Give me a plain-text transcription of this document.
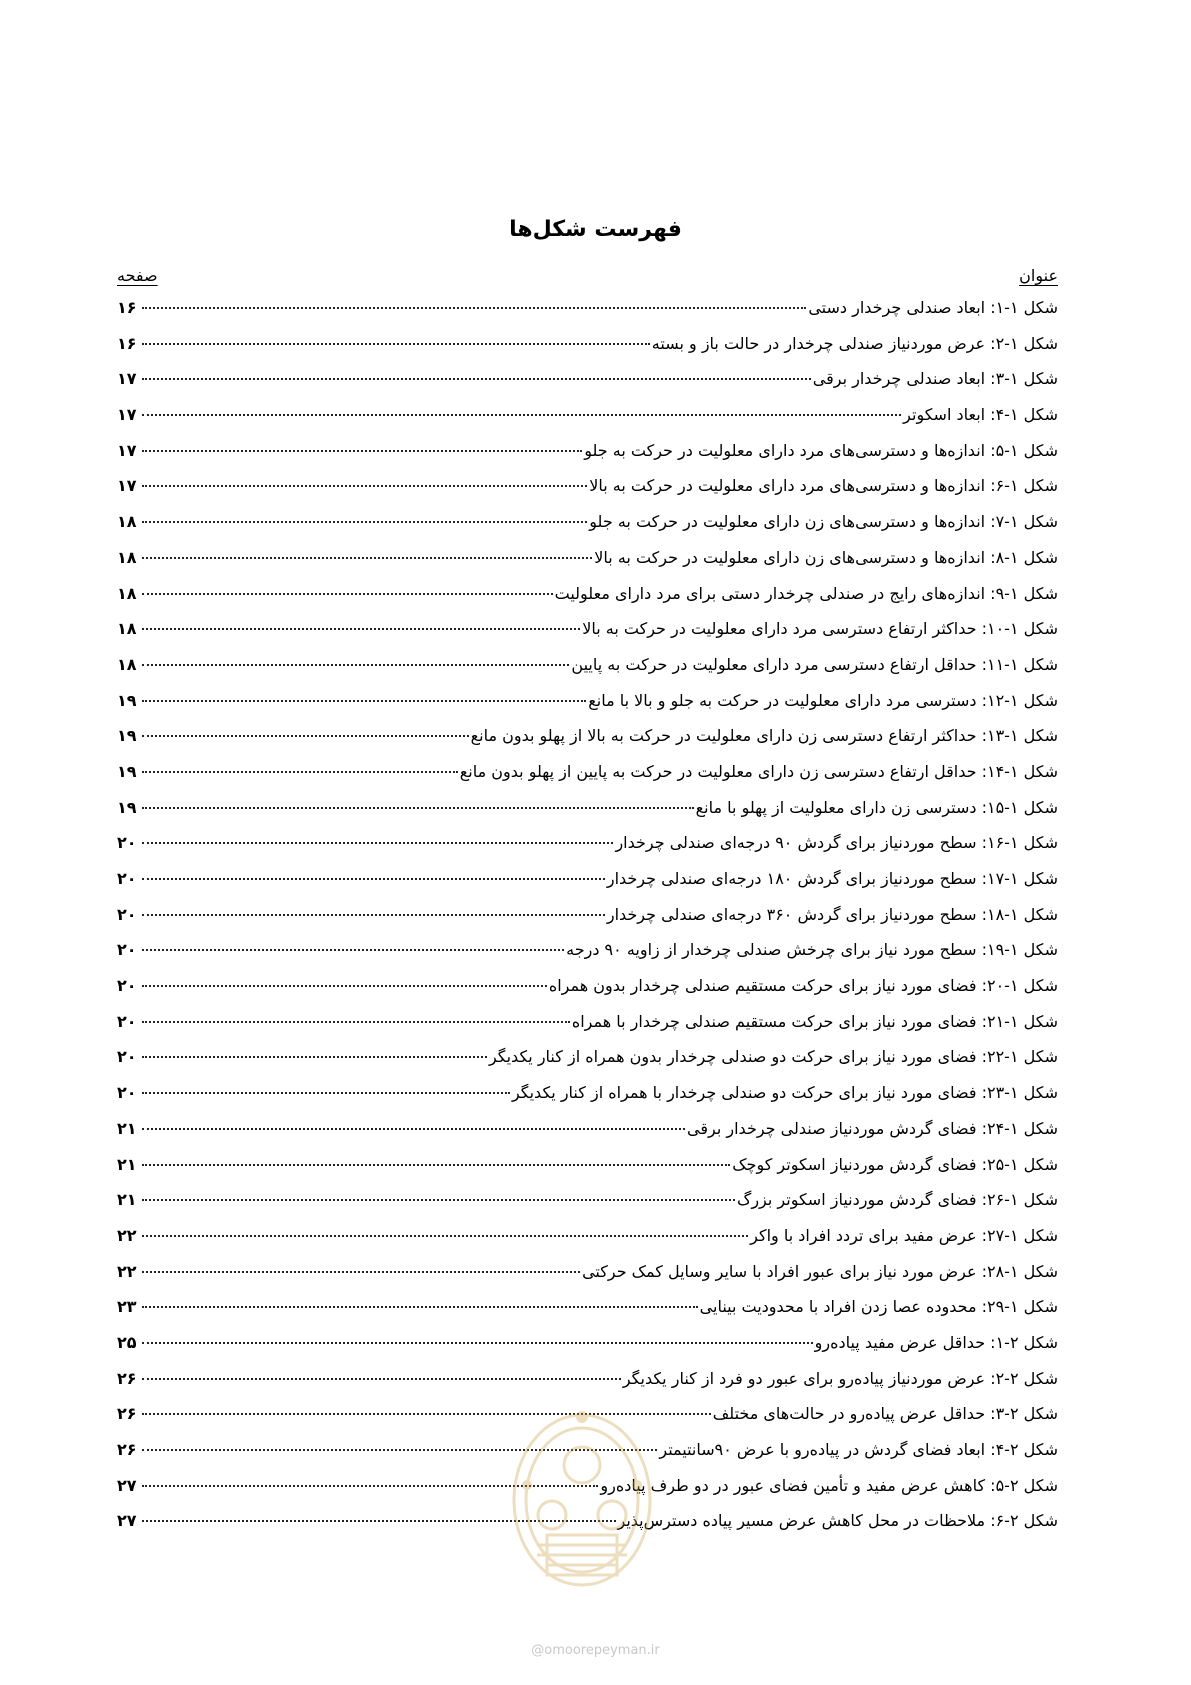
فهرست شکل‌ها
عنوان
صفحه
شکل ۱-۱: ابعاد صندلی چرخدار دستی
۱۶
شکل ۱-۲: عرض موردنیاز صندلی چرخدار در حالت باز و بسته
۱۶
شکل ۱-۳: ابعاد صندلی چرخدار برقی
۱۷
شکل ۱-۴: ابعاد اسکوتر
۱۷
شکل ۱-۵: اندازه‌ها و دسترسی‌های مرد دارای معلولیت در حرکت به جلو
۱۷
شکل ۱-۶: اندازه‌ها و دسترسی‌های مرد دارای معلولیت در حرکت به بالا
۱۷
شکل ۱-۷: اندازه‌ها و دسترسی‌های زن دارای معلولیت در حرکت به جلو
۱۸
شکل ۱-۸: اندازه‌ها و دسترسی‌های زن دارای معلولیت در حرکت به بالا
۱۸
شکل ۱-۹: اندازه‌های رایج در صندلی چرخدار دستی برای مرد دارای معلولیت
۱۸
شکل ۱-۱۰: حداکثر ارتفاع دسترسی مرد دارای معلولیت در حرکت به بالا
۱۸
شکل ۱-۱۱: حداقل ارتفاع دسترسی مرد دارای معلولیت در حرکت به پایین
۱۸
شکل ۱-۱۲: دسترسی مرد دارای معلولیت در حرکت به جلو و بالا با مانع
۱۹
شکل ۱-۱۳: حداکثر ارتفاع دسترسی زن دارای معلولیت در حرکت به بالا از پهلو بدون مانع
۱۹
شکل ۱-۱۴: حداقل ارتفاع دسترسی زن دارای معلولیت در حرکت به پایین از پهلو بدون مانع
۱۹
شکل ۱-۱۵: دسترسی زن دارای معلولیت از پهلو با مانع
۱۹
شکل ۱-۱۶: سطح موردنیاز برای گردش ۹۰ درجه‌ای صندلی چرخدار
۲۰
شکل ۱-۱۷: سطح موردنیاز برای گردش ۱۸۰ درجه‌ای صندلی چرخدار
۲۰
شکل ۱-۱۸: سطح موردنیاز برای گردش ۳۶۰ درجه‌ای صندلی چرخدار
۲۰
شکل ۱-۱۹: سطح مورد نیاز برای چرخش صندلی چرخدار از زاویه ۹۰ درجه
۲۰
شکل ۱-۲۰: فضای مورد نیاز برای حرکت مستقیم صندلی چرخدار بدون همراه
۲۰
شکل ۱-۲۱: فضای مورد نیاز برای حرکت مستقیم صندلی چرخدار با همراه
۲۰
شکل ۱-۲۲: فضای مورد نیاز برای حرکت دو صندلی چرخدار بدون همراه از کنار یکدیگر
۲۰
شکل ۱-۲۳: فضای مورد نیاز برای حرکت دو صندلی چرخدار با همراه از کنار یکدیگر
۲۰
شکل ۱-۲۴: فضای گردش موردنیاز صندلی چرخدار برقی
۲۱
شکل ۱-۲۵: فضای گردش موردنیاز اسکوتر کوچک
۲۱
شکل ۱-۲۶: فضای گردش موردنیاز اسکوتر بزرگ
۲۱
شکل ۱-۲۷: عرض مفید برای تردد افراد با واکر
۲۲
شکل ۱-۲۸: عرض مورد نیاز برای عبور افراد با سایر وسایل کمک حرکتی
۲۲
شکل ۱-۲۹: محدوده عصا زدن افراد با محدودیت بینایی
۲۳
شکل ۲-۱: حداقل عرض مفید پیاده‌رو
۲۵
شکل ۲-۲: عرض موردنیاز پیاده‌رو برای عبور دو فرد از کنار یکدیگر
۲۶
شکل ۲-۳: حداقل عرض پیاده‌رو در حالت‌های مختلف
۲۶
شکل ۲-۴: ابعاد فضای گردش در پیاده‌رو با عرض ۹۰سانتیمتر
۲۶
شکل ۲-۵: کاهش عرض مفید و تأمین فضای عبور در دو طرف پیاده‌رو
۲۷
شکل ۲-۶: ملاحظات در محل کاهش عرض مسیر پیاده دسترس‌پذیر
۲۷
@omoorepeyman.ir
